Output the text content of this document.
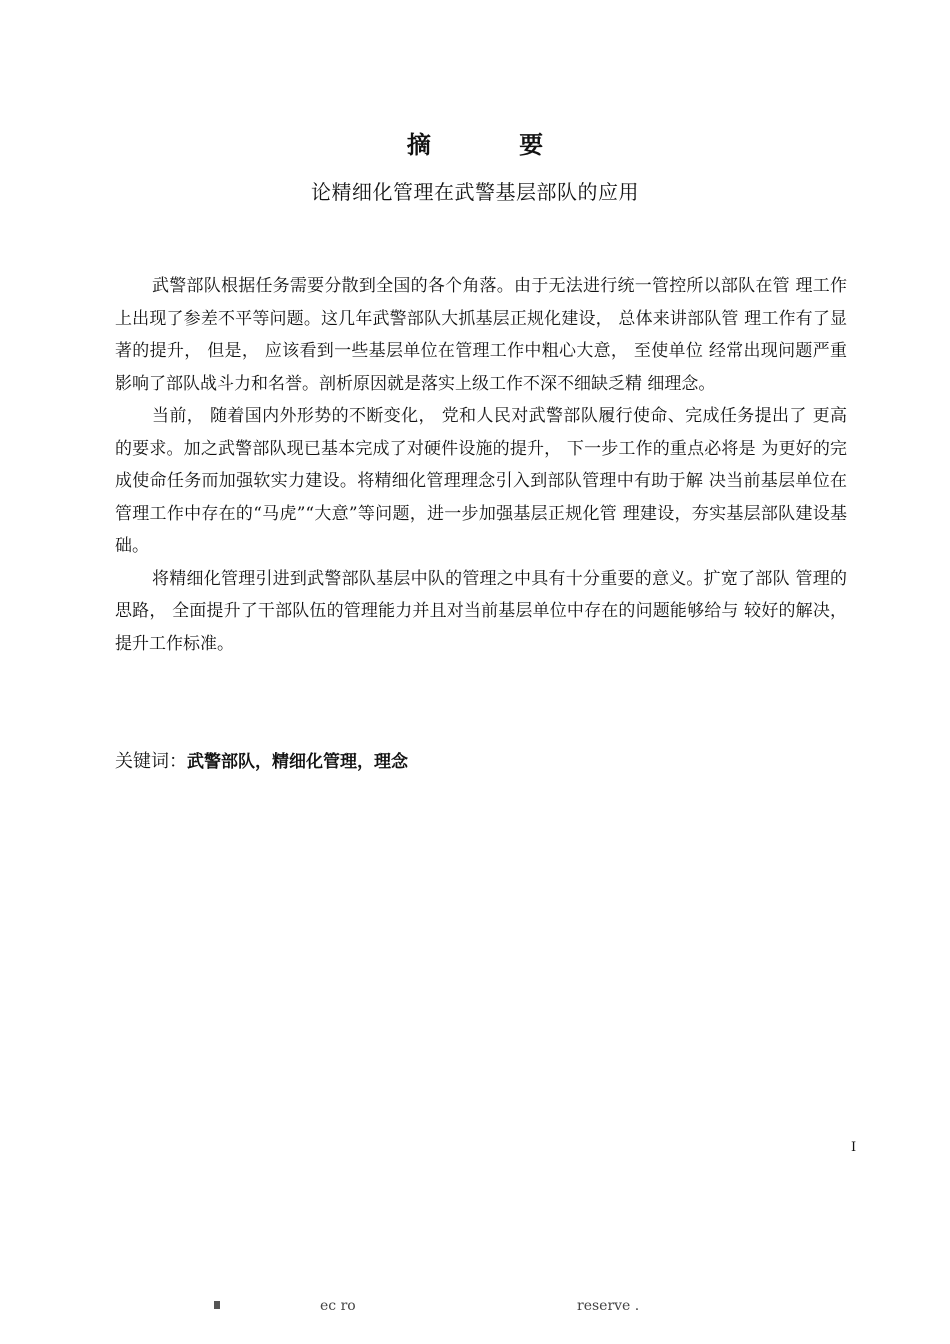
摘 要
论精细化管理在武警基层部队的应用

武警部队根据任务需要分散到全国的各个角落。由于无法进行统一管控所以部队在管 理工作上出现了参差不平等问题。这几年武警部队大抓基层正规化建设， 总体来讲部队管 理工作有了显著的提升， 但是， 应该看到一些基层单位在管理工作中粗心大意， 至使单位 经常出现问题严重影响了部队战斗力和名誉。剖析原因就是落实上级工作不深不细缺乏精 细理念。

当前， 随着国内外形势的不断变化， 党和人民对武警部队履行使命、完成任务提出了 更高的要求。加之武警部队现已基本完成了对硬件设施的提升， 下一步工作的重点必将是 为更好的完成使命任务而加强软实力建设。将精细化管理理念引入到部队管理中有助于解 决当前基层单位在管理工作中存在的“马虎”“大意”等问题，进一步加强基层正规化管 理建设，夯实基层部队建设基础。

将精细化管理引进到武警部队基层中队的管理之中具有十分重要的意义。扩宽了部队 管理的思路， 全面提升了干部队伍的管理能力并且对当前基层单位中存在的问题能够给与 较好的解决，提升工作标准。

关键词：武警部队，精细化管理，理念
I
ec ro	reserve .
